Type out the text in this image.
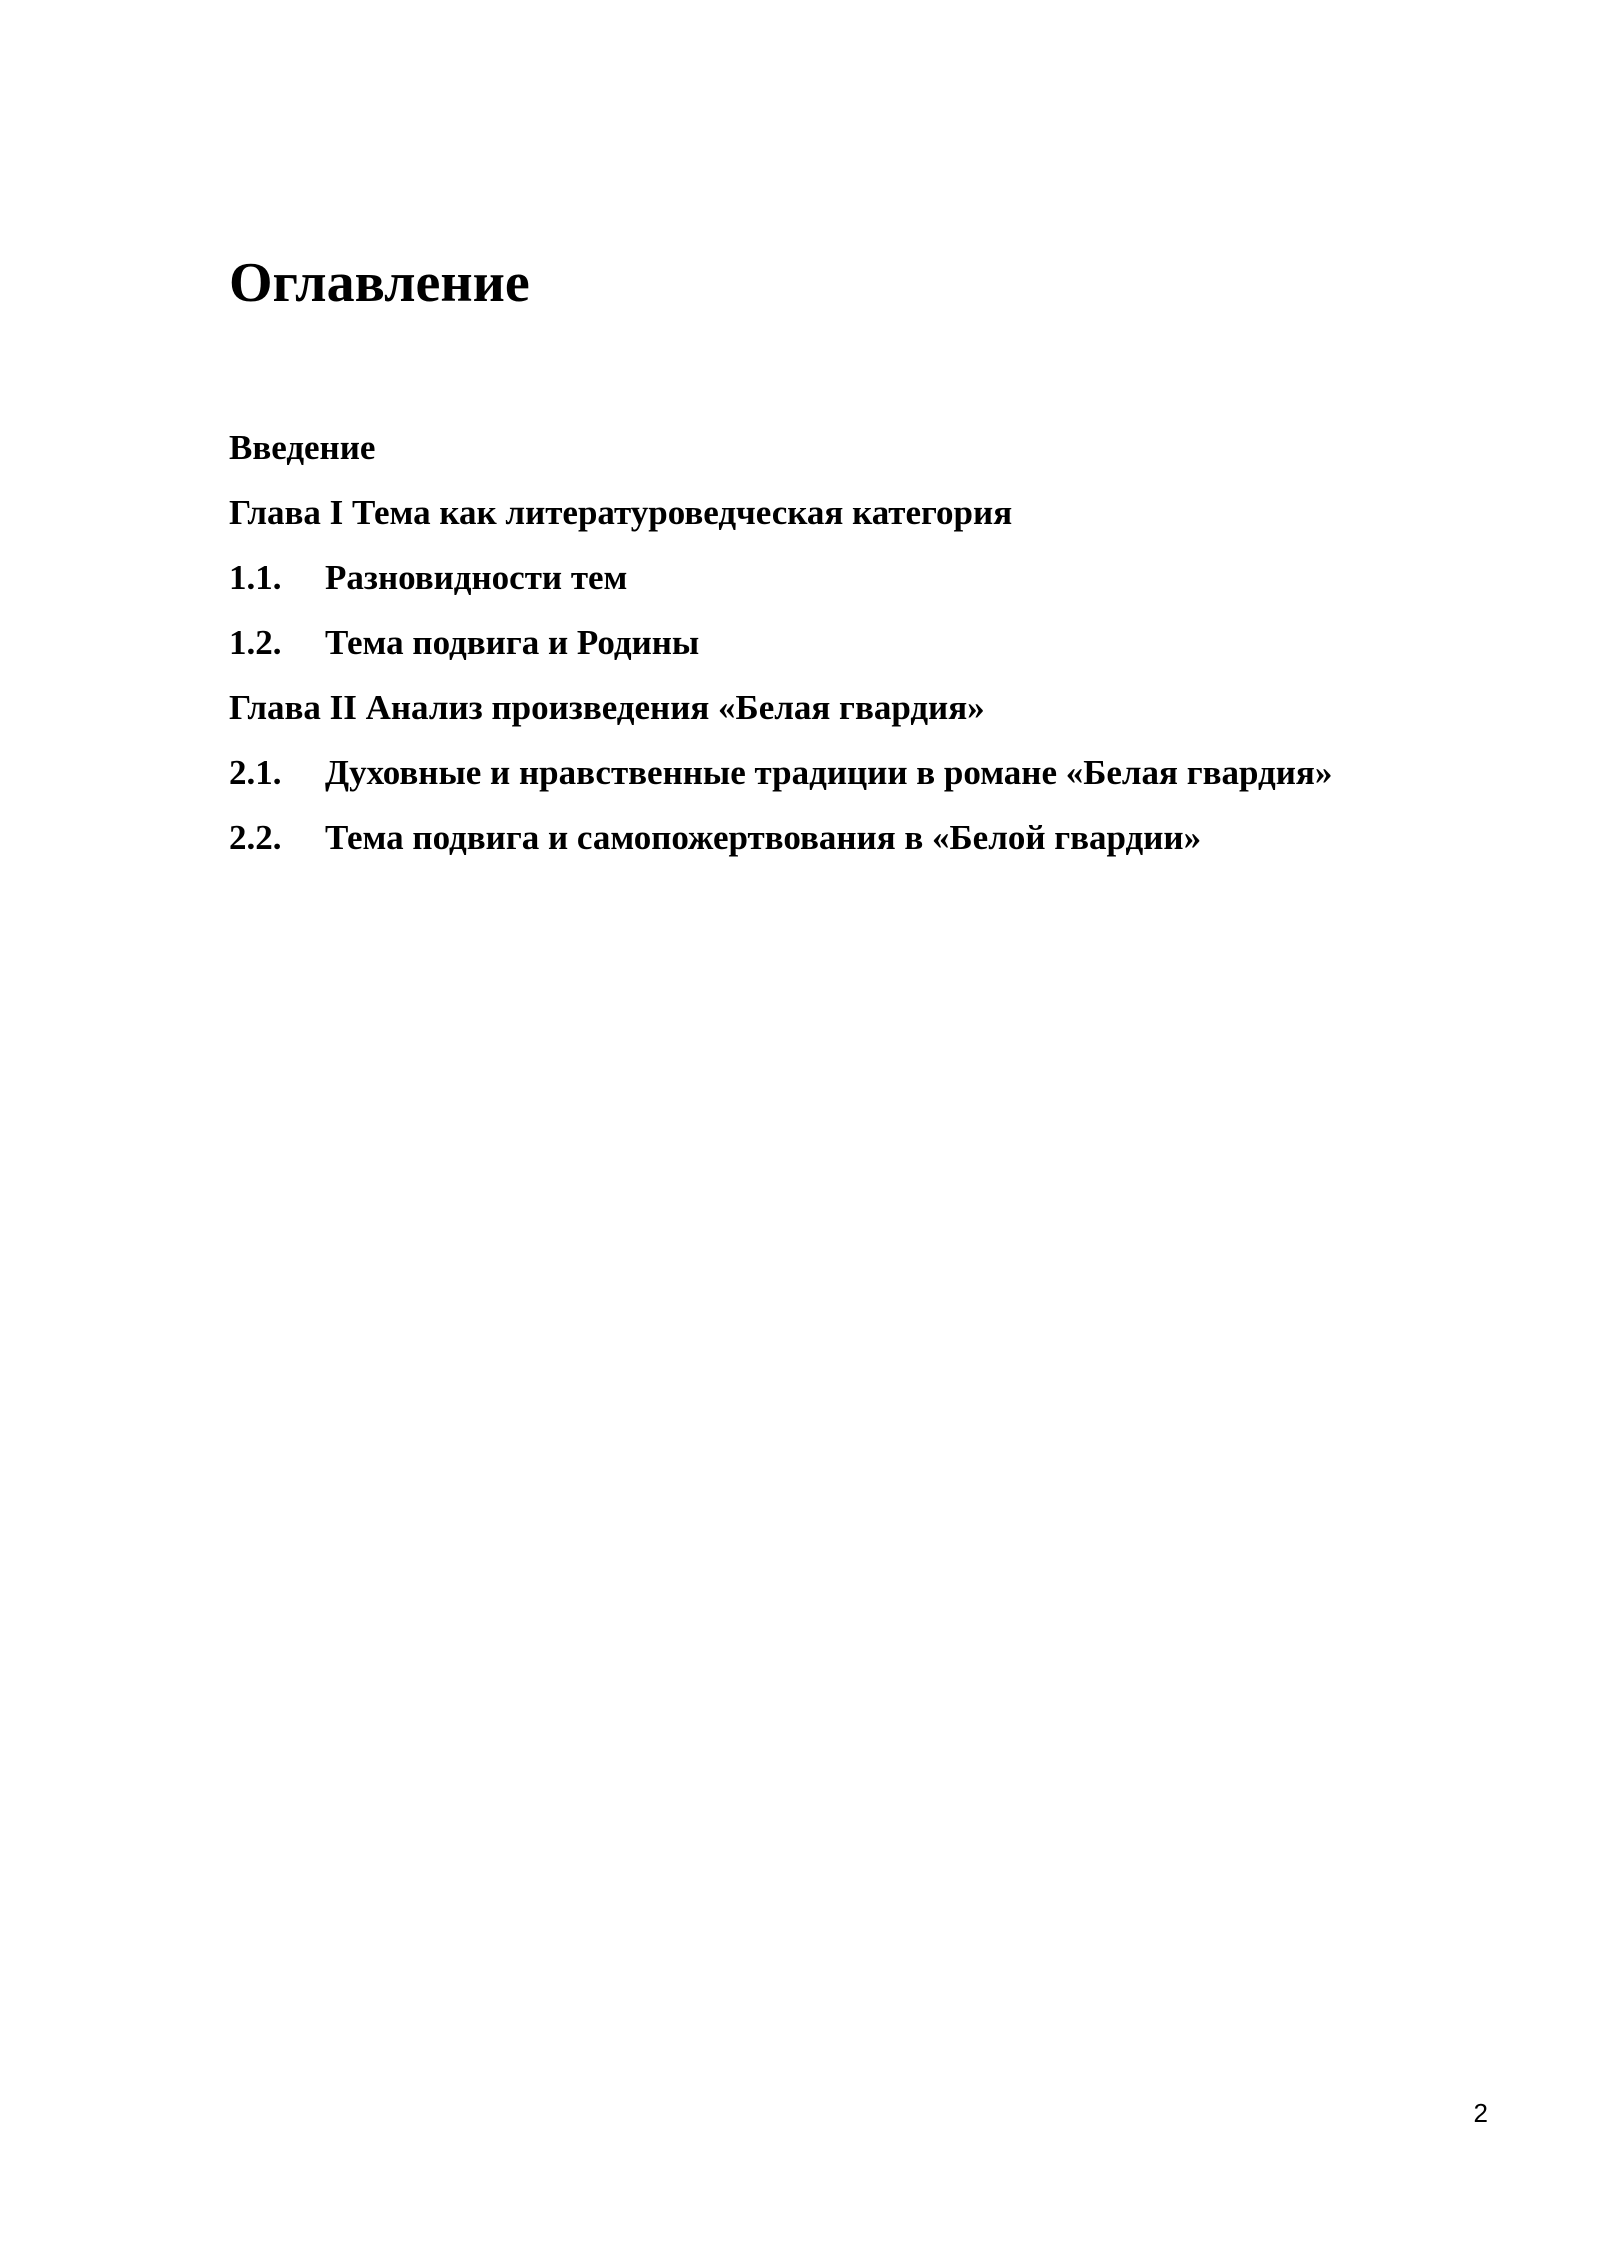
Оглавление
Введение
Глава I Тема как литературоведческая категория
1.1.	Разновидности тем
1.2.	Тема подвига и Родины
Глава II Анализ произведения «Белая гвардия»
2.1.	Духовные и нравственные традиции в романе «Белая гвардия»
2.2.	Тема подвига и самопожертвования в «Белой гвардии»
2
